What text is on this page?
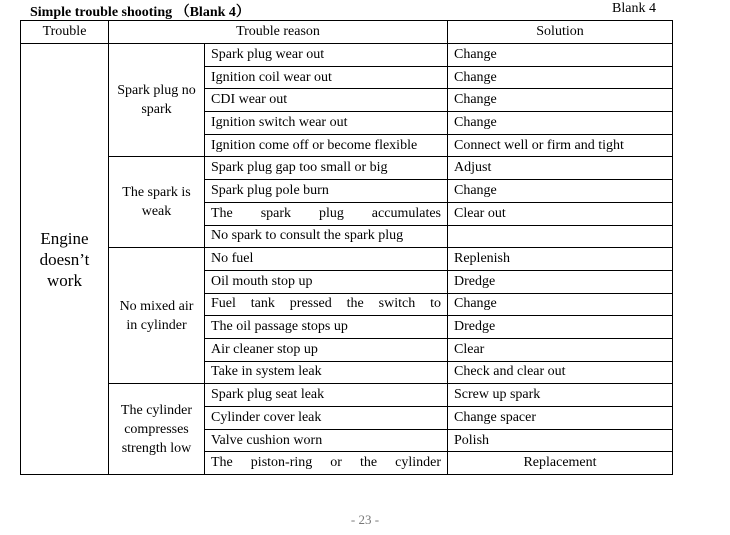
Simple trouble shooting （Blank 4）	Blank 4
Trouble	Trouble reason		Solution
Engine doesn’t work	Spark plug no spark	Spark plug wear out	Change
		Ignition coil wear out	Change
		CDI wear out	Change
		Ignition switch wear out	Change
		Ignition come off or become flexible	Connect well or firm and tight
	The spark is weak	Spark plug gap too small or big	Adjust
		Spark plug pole burn	Change
		The spark plug accumulates	Clear out
		No spark to consult the spark plug	
	No mixed air in cylinder	No fuel	Replenish
		Oil mouth stop up	Dredge
		Fuel tank pressed the switch to	Change
		The oil passage stops up	Dredge
		Air cleaner stop up	Clear
		Take in system leak	Check and clear out
	The cylinder compresses strength low	Spark plug seat leak	Screw up spark
		Cylinder cover leak	Change spacer
		Valve cushion worn	Polish
		The piston-ring or the cylinder	Replacement
- 23 -
